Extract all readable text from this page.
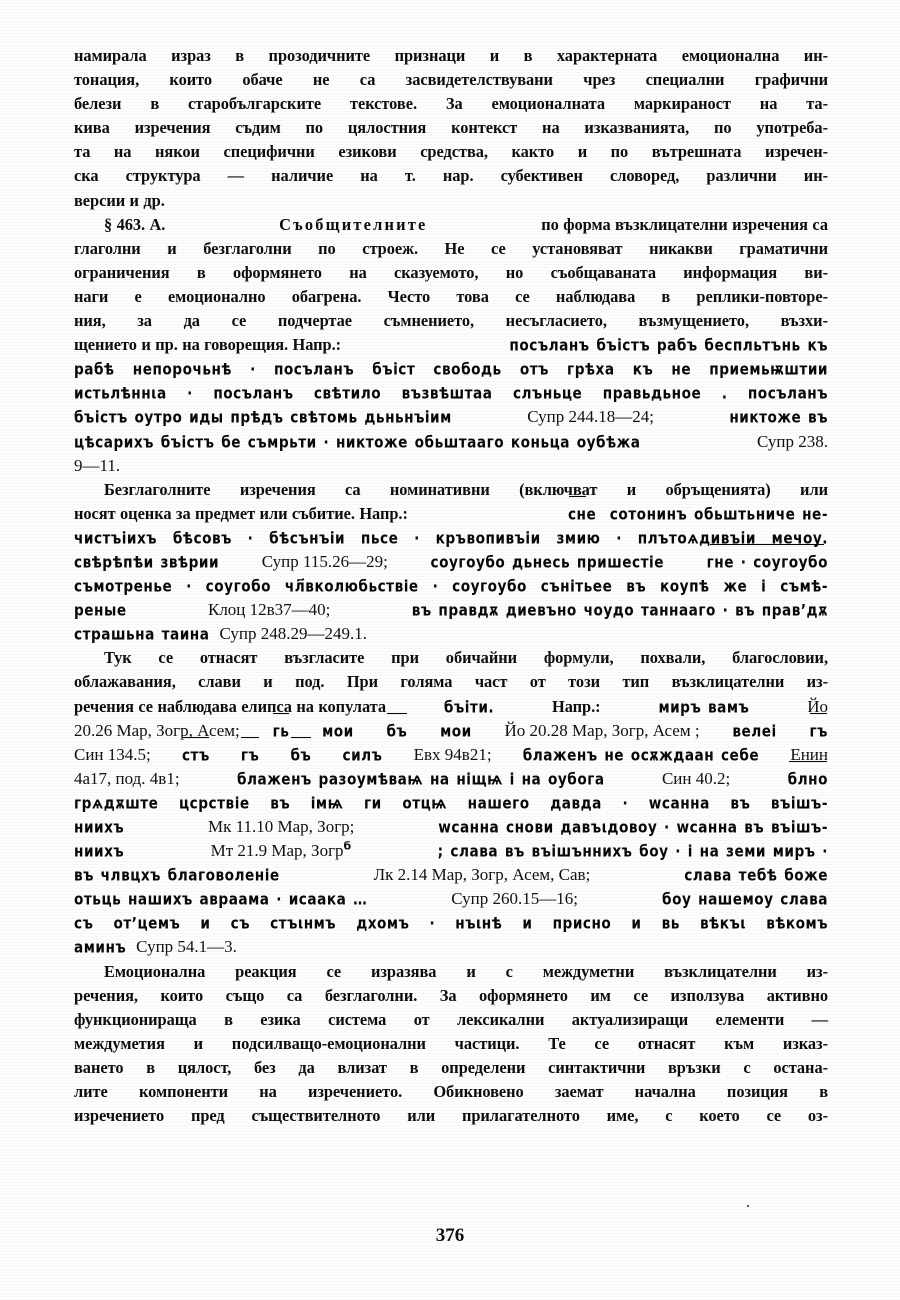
намирала израз в прозодичните признаци и в характерната емоционална ин-
тонация, които обаче не са засвидетелствувани чрез специални графични
белези в старобългарските текстове. За емоционалната маркираност на та-
кива изречения съдим по цялостния контекст на изказванията, по употреба-
та на някои специфични езикови средства, както и по вътрешната изречен-
ска структура — наличие на т. нар. субективен словоред, различни ин-
версии и др.
§ 463. А.	Съобщителните	по форма възклицателни изречения са
глаголни и безглаголни по строеж. Не се установяват никакви граматични
ограничения в оформянето на сказуемото, но съобщаваната информация ви-
наги е емоционално обагрена. Често това се наблюдава в реплики-повторе-
ния, за да се подчертае съмнението, несъгласието, възмущението, възхи-
щението и пр. на говорещия. Напр.:	посъланъ бъістъ рабъ беспльтънь къ
рабѣ непорочьнѣ · посъланъ бъіст свободь отъ грѣха къ не приемьѭштии
истьлѣннιа · посъланъ свѣтило възвѣштаа слъньце правьдьное . посъланъ
бъістъ оутро иды прѣдъ свѣтомь дьньнъіим	Супр 244.18—24;	никтоже въ
цѣсарихъ бъістъ бе съмрьти · никтоже обьштааго коньца оубѣжа	Супр 238.
9—11.
Безглаголните изречения са номинативни (включват и обръщенията) или
носят оценка за предмет или събитие. Напр.:	сне  сотонинъ обьштьниче не-
чистъіихъ бѣсовъ · бѣсънъіи пьсе · кръвопивъіи змию · плътоѧдивъіи мечоу.
свѣрѣпѣи звѣрии	Супр 115.26—29;	соугоубо дьнесь пришестie	гне · соугоубо
съмотренье · соугобо чл҃вколюбьствie · соугоубо сънiтьее въ коупѣ же i съмѣ-
реные	Клоц 12в37—40;	въ правдѫ диевъно чоудо таннааго · въ прав’дѫ
страшьна таина Супр 248.29—249.1.
Тук се отнасят възгласите при обичайни формули, похвали, благословии,
облажавания, слави и под. При голяма част от този тип възклицателни из-
речения се наблюдава елипса на копулата	бъіти.	Напр.:	миръ вамъ	Йо
20.26 Мар, Зогр, Асем; гь мои бъ мои Йо 20.28 Мар, Зогр, Асем ; велеi гъ
Син 134.5; стъ гъ бъ силъ Евх 94в21; блаженъ не осѫждаан себе Енин
4а17, под. 4в1;	блаженъ разоумѣваѩ на нiщѩ i на оубога	Син 40.2;	блно
грѧдѫште цсрствie въ iмѩ ги отцѩ нашего давда · wсанна въ въішъ-
ниихъ	Мк 11.10 Мар, Зогр;	wсанна снови давъιдовоу · wсанна въ въішъ-
ниихъ	Мт 21.9 Мар, Зогр$^б$	; слава въ въішънниxъ боу · i на земи миръ ·
въ члвцхъ благоволенie	Лк 2.14 Мар, Зогр, Асем, Сав;	слава тебѣ боже
отьць нашихъ авраама · исаака …	Супр 260.15—16;	боу нашемоу слава
съ от’цемъ и съ стъιнмъ дхомъ · нъιнѣ и присно и вь вѣкъι вѣкомъ
аминъ Супр 54.1—3.
Емоционална реакция се изразява и с междуметни възклицателни из-
речения, които също са безглаголни. За оформянето им се използува активно
функционираща в езика система от лексикални актуализиращи елементи —
междуметия и подсилващо-емоционални частици. Те се отнасят към изказ-
ването в цялост, без да влизат в определени синтактични връзки с остана-
лите компоненти на изречението. Обикновено заемат начална позиция в
изречението пред съществителното или прилагателното име, с което се оз-
376
